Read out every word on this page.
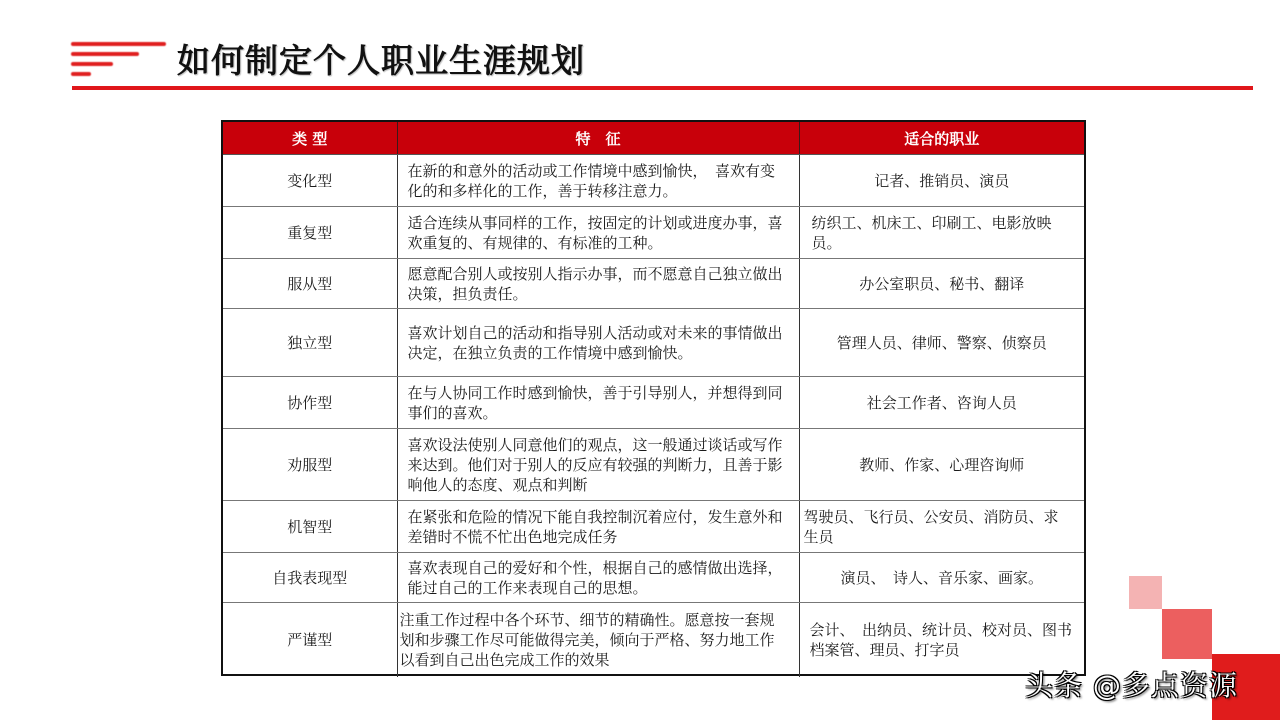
如何制定个人职业生涯规划
类 型	特　征	适合的职业
变化型	在新的和意外的活动或工作情境中感到愉快，　喜欢有变化的和多样化的工作，善于转移注意力。	记者、推销员、演员
重复型	适合连续从事同样的工作，按固定的计划或进度办事，喜欢重复的、有规律的、有标准的工种。	纺织工、机床工、印刷工、电影放映员。
服从型	愿意配合别人或按别人指示办事，而不愿意自己独立做出决策，担负责任。	办公室职员、秘书、翻译
独立型	喜欢计划自己的活动和指导别人活动或对未来的事情做出决定，在独立负责的工作情境中感到愉快。	管理人员、律师、警察、侦察员
协作型	在与人协同工作时感到愉快，善于引导别人，并想得到同事们的喜欢。	社会工作者、咨询人员
劝服型	喜欢设法使别人同意他们的观点，这一般通过谈话或写作来达到。他们对于别人的反应有较强的判断力，且善于影响他人的态度、观点和判断	教师、作家、心理咨询师
机智型	在紧张和危险的情况下能自我控制沉着应付，发生意外和差错时不慌不忙出色地完成任务	驾驶员、飞行员、公安员、消防员、求生员
自我表现型	喜欢表现自己的爱好和个性，根据自己的感情做出选择，能过自己的工作来表现自己的思想。	演员、　诗人、音乐家、画家。
严谨型	注重工作过程中各个环节、细节的精确性。愿意按一套规划和步骤工作尽可能做得完美，倾向于严格、努力地工作以看到自己出色完成工作的效果	会计、　出纳员、统计员、校对员、图书档案管、理员、打字员
头条 @多点资源
